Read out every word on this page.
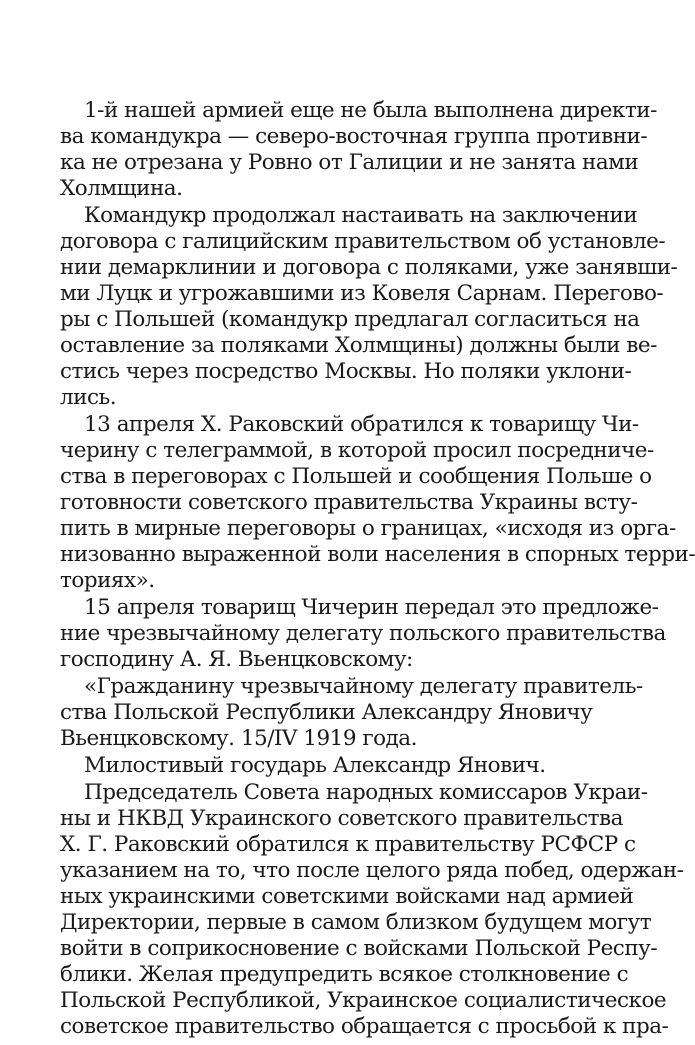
1-й нашей армией еще не была выполнена директи-
ва командукра — северо-восточная группа противни-
ка не отрезана у Ровно от Галиции и не занята нами
Холмщина.
Командукр продолжал настаивать на заключении
договора с галицийским правительством об установле-
нии демарклинии и договора с поляками, уже занявши-
ми Луцк и угрожавшими из Ковеля Сарнам. Перегово-
ры с Польшей (командукр предлагал согласиться на
оставление за поляками Холмщины) должны были ве-
стись через посредство Москвы. Но поляки уклони-
лись.
13 апреля X. Раковский обратился к товарищу Чи-
черину с телеграммой, в которой просил посредниче-
ства в переговорах с Польшей и сообщения Польше о
готовности советского правительства Украины всту-
пить в мирные переговоры о границах, «исходя из орга-
низованно выраженной воли населения в спорных терри-
ториях».
15 апреля товарищ Чичерин передал это предложе-
ние чрезвычайному делегату польского правительства
господину А. Я. Вьенцковскому:
«Гражданину чрезвычайному делегату правитель-
ства Польской Республики Александру Яновичу
Вьенцковскому. 15/IV 1919 года.
Милостивый государь Александр Янович.
Председатель Совета народных комиссаров Украи-
ны и НКВД Украинского советского правительства
X. Г. Раковский обратился к правительству РСФСР с
указанием на то, что после целого ряда побед, одержан-
ных украинскими советскими войсками над армией
Директории, первые в самом близком будущем могут
войти в соприкосновение с войсками Польской Респу-
блики. Желая предупредить всякое столкновение с
Польской Республикой, Украинское социалистическое
советское правительство обращается с просьбой к пра-
